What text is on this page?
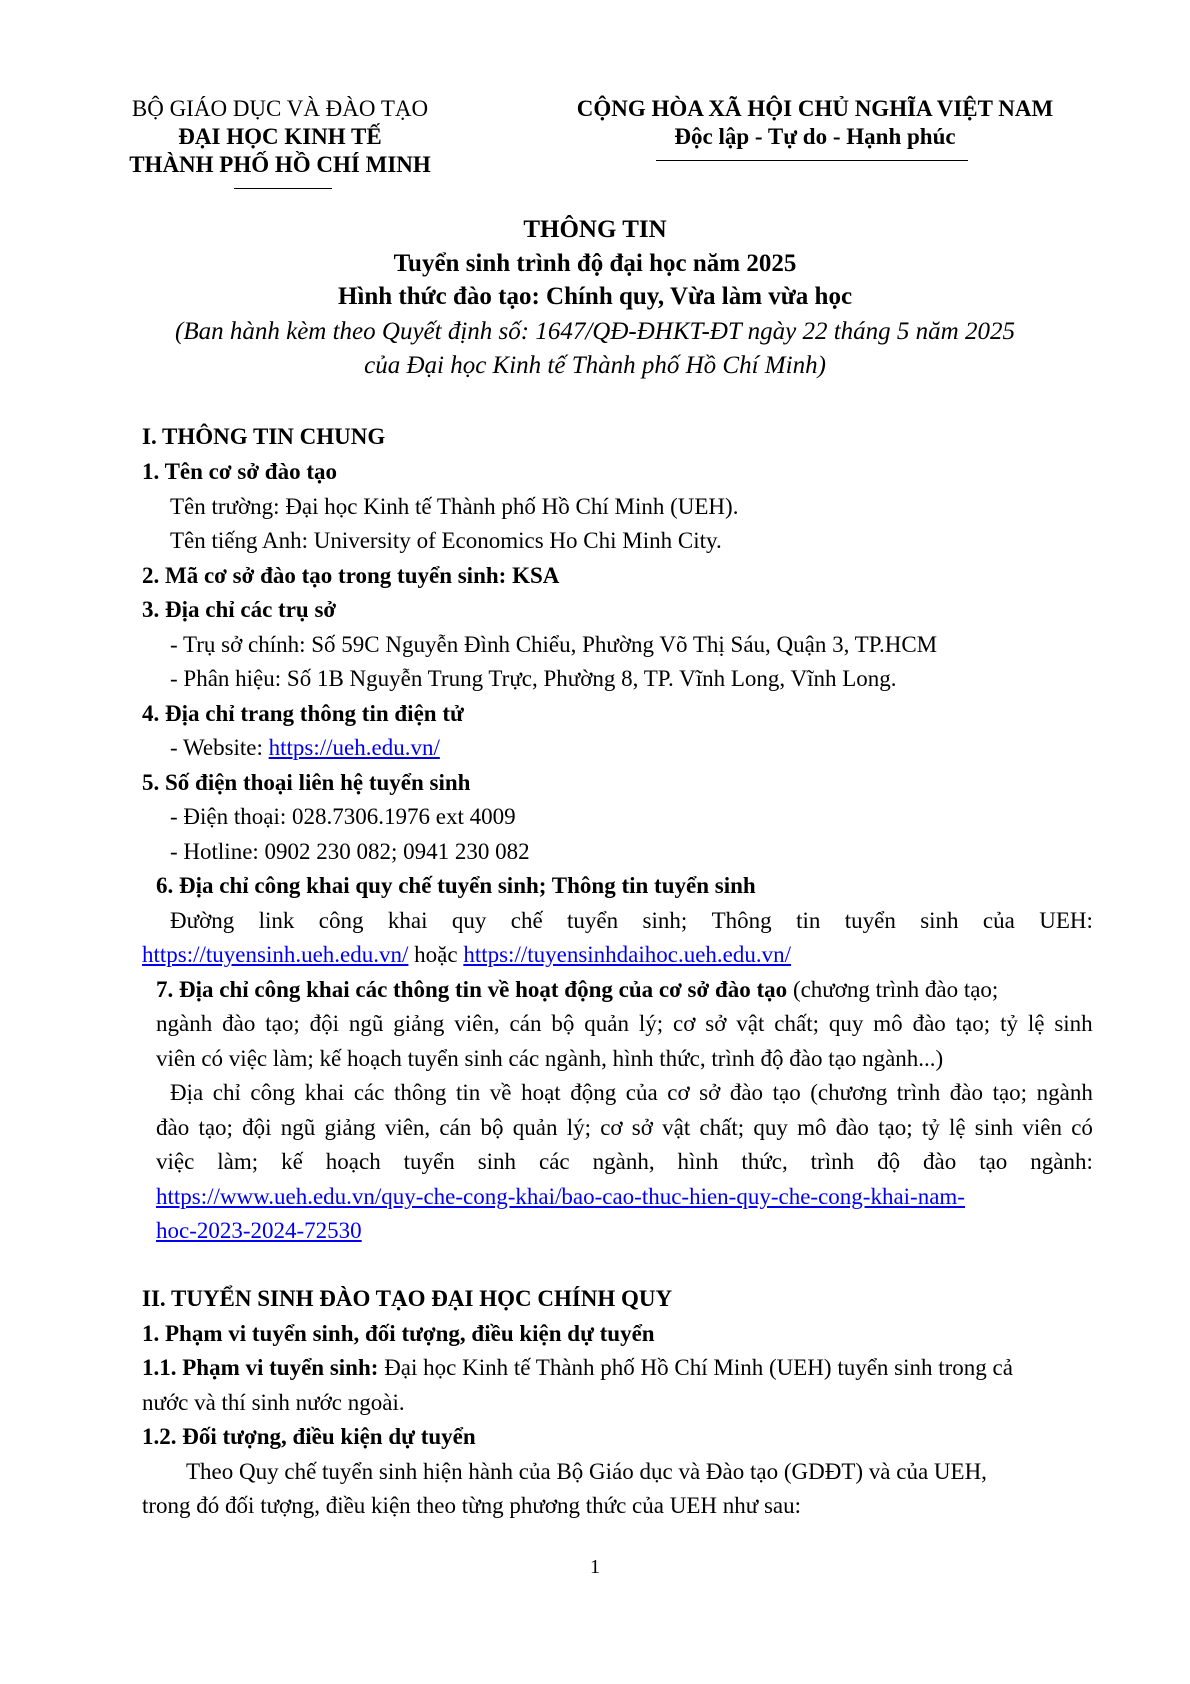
BỘ GIÁO DỤC VÀ ĐÀO TẠO
ĐẠI HỌC KINH TẾ
THÀNH PHỐ HỒ CHÍ MINH
CỘNG HÒA XÃ HỘI CHỦ NGHĨA VIỆT NAM
Độc lập - Tự do - Hạnh phúc
THÔNG TIN
Tuyển sinh trình độ đại học năm 2025
Hình thức đào tạo: Chính quy, Vừa làm vừa học
(Ban hành kèm theo Quyết định số: 1647/QĐ-ĐHKT-ĐT ngày 22 tháng 5 năm 2025
của Đại học Kinh tế Thành phố Hồ Chí Minh)
I. THÔNG TIN CHUNG
1. Tên cơ sở đào tạo
Tên trường: Đại học Kinh tế Thành phố Hồ Chí Minh (UEH).
Tên tiếng Anh: University of Economics Ho Chi Minh City.
2. Mã cơ sở đào tạo trong tuyển sinh: KSA
3. Địa chỉ các trụ sở
- Trụ sở chính: Số 59C Nguyễn Đình Chiểu, Phường Võ Thị Sáu, Quận 3, TP.HCM
- Phân hiệu: Số 1B Nguyễn Trung Trực, Phường 8, TP. Vĩnh Long, Vĩnh Long.
4. Địa chỉ trang thông tin điện tử
- Website: https://ueh.edu.vn/
5. Số điện thoại liên hệ tuyển sinh
- Điện thoại: 028.7306.1976 ext 4009
- Hotline: 0902 230 082; 0941 230 082
6. Địa chỉ công khai quy chế tuyển sinh; Thông tin tuyển sinh
Đường link công khai quy chế tuyển sinh; Thông tin tuyển sinh của UEH:
https://tuyensinh.ueh.edu.vn/ hoặc https://tuyensinhdaihoc.ueh.edu.vn/
7. Địa chỉ công khai các thông tin về hoạt động của cơ sở đào tạo (chương trình đào tạo;
ngành đào tạo; đội ngũ giảng viên, cán bộ quản lý; cơ sở vật chất; quy mô đào tạo; tỷ lệ sinh
viên có việc làm; kế hoạch tuyển sinh các ngành, hình thức, trình độ đào tạo ngành...)
Địa chỉ công khai các thông tin về hoạt động của cơ sở đào tạo (chương trình đào tạo; ngành
đào tạo; đội ngũ giảng viên, cán bộ quản lý; cơ sở vật chất; quy mô đào tạo; tỷ lệ sinh viên có
việc làm; kế hoạch tuyển sinh các ngành, hình thức, trình độ đào tạo ngành:
https://www.ueh.edu.vn/quy-che-cong-khai/bao-cao-thuc-hien-quy-che-cong-khai-nam-
hoc-2023-2024-72530
II. TUYỂN SINH ĐÀO TẠO ĐẠI HỌC CHÍNH QUY
1. Phạm vi tuyển sinh, đối tượng, điều kiện dự tuyển
1.1. Phạm vi tuyển sinh: Đại học Kinh tế Thành phố Hồ Chí Minh (UEH) tuyển sinh trong cả
nước và thí sinh nước ngoài.
1.2. Đối tượng, điều kiện dự tuyển
Theo Quy chế tuyển sinh hiện hành của Bộ Giáo dục và Đào tạo (GDĐT) và của UEH,
trong đó đối tượng, điều kiện theo từng phương thức của UEH như sau:
1
